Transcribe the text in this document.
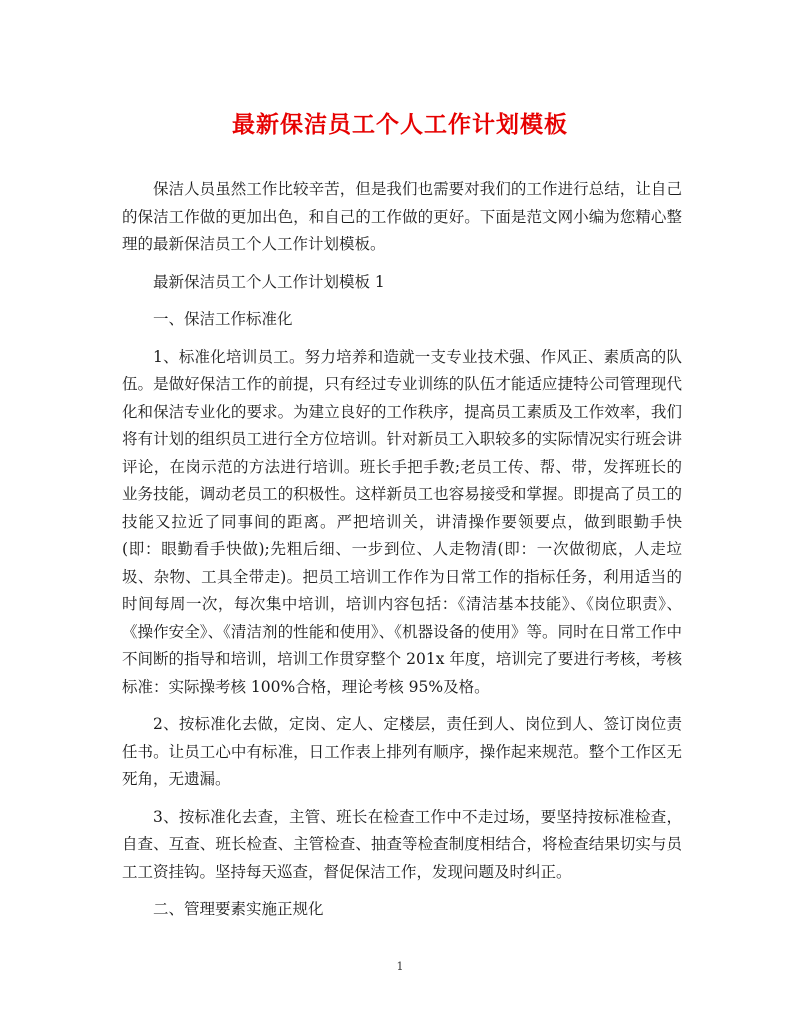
最新保洁员工个人工作计划模板

保洁人员虽然工作比较辛苦，但是我们也需要对我们的工作进行总结，让自己的保洁工作做的更加出色，和自己的工作做的更好。下面是范文网小编为您精心整理的最新保洁员工个人工作计划模板。

最新保洁员工个人工作计划模板 1

一、保洁工作标准化

1、标准化培训员工。努力培养和造就一支专业技术强、作风正、素质高的队伍。是做好保洁工作的前提，只有经过专业训练的队伍才能适应捷特公司管理现代化和保洁专业化的要求。为建立良好的工作秩序，提高员工素质及工作效率，我们将有计划的组织员工进行全方位培训。针对新员工入职较多的实际情况实行班会讲评论，在岗示范的方法进行培训。班长手把手教;老员工传、帮、带，发挥班长的业务技能，调动老员工的积极性。这样新员工也容易接受和掌握。即提高了员工的技能又拉近了同事间的距离。严把培训关，讲清操作要领要点，做到眼勤手快(即：眼勤看手快做);先粗后细、一步到位、人走物清(即：一次做彻底，人走垃圾、杂物、工具全带走)。把员工培训工作作为日常工作的指标任务，利用适当的时间每周一次，每次集中培训，培训内容包括：《清洁基本技能》、《岗位职责》、《操作安全》、《清洁剂的性能和使用》、《机器设备的使用》等。同时在日常工作中不间断的指导和培训，培训工作贯穿整个 201x 年度，培训完了要进行考核，考核标准：实际操考核 100%合格，理论考核 95%及格。

2、按标准化去做，定岗、定人、定楼层，责任到人、岗位到人、签订岗位责任书。让员工心中有标准，日工作表上排列有顺序，操作起来规范。整个工作区无死角，无遗漏。

3、按标准化去查，主管、班长在检查工作中不走过场，要坚持按标准检查，自查、互查、班长检查、主管检查、抽查等检查制度相结合，将检查结果切实与员工工资挂钩。坚持每天巡查，督促保洁工作，发现问题及时纠正。

二、管理要素实施正规化

1
